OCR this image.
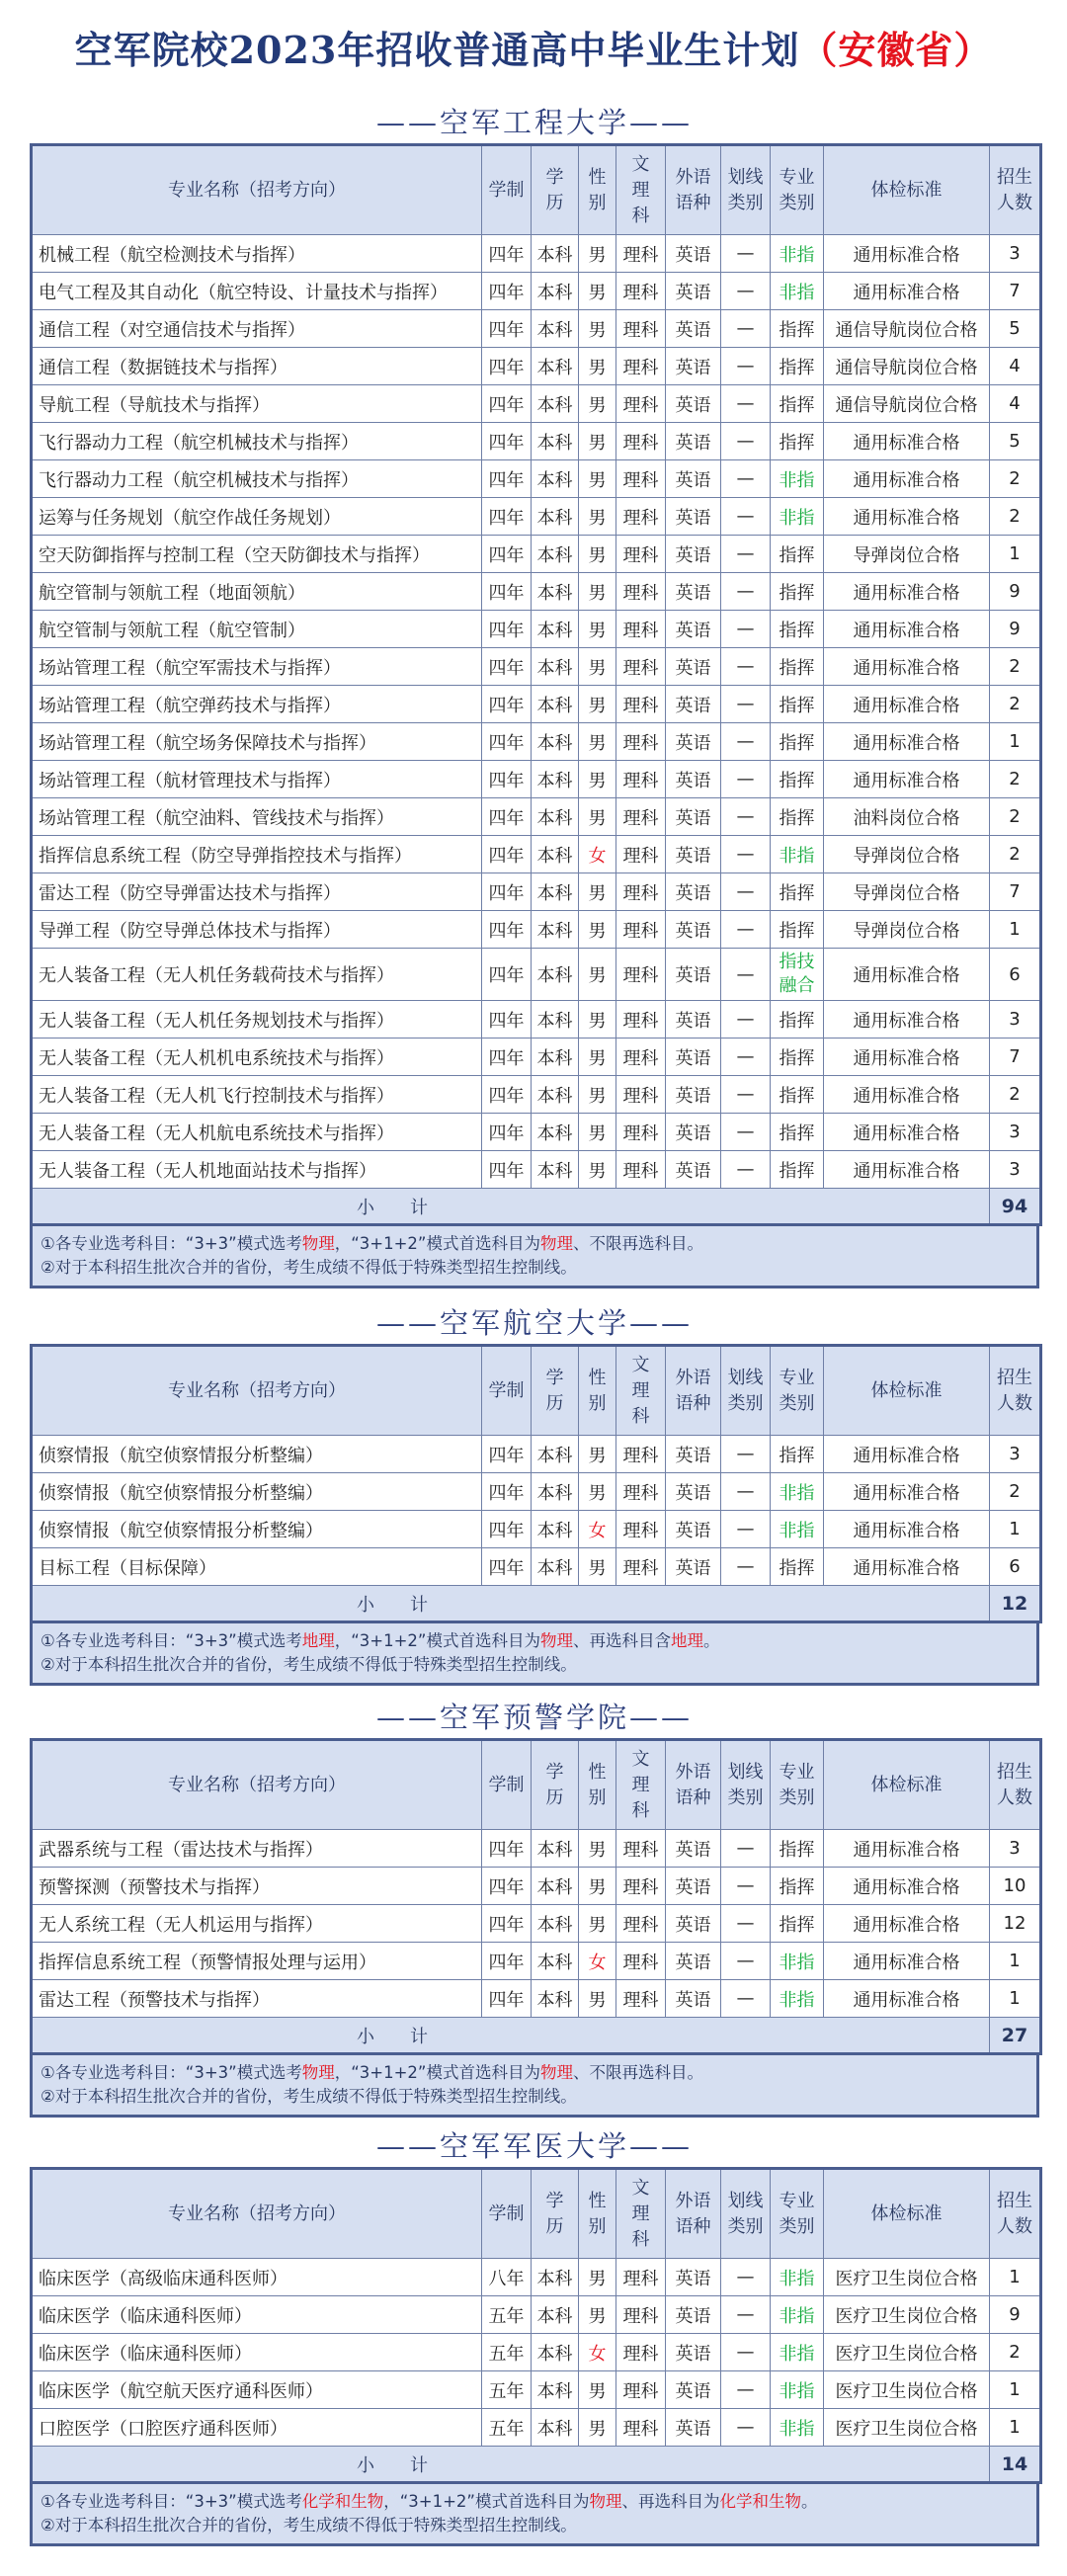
空军院校2023年招收普通高中毕业生计划（安徽省）
——空军工程大学——
专业名称（招考方向）	学制	学历	性别	文理科	外语语种	划线类别	专业类别	体检标准	招生人数
机械工程（航空检测技术与指挥）	四年	本科	男	理科	英语	—	非指	通用标准合格	3
电气工程及其自动化（航空特设、计量技术与指挥）	四年	本科	男	理科	英语	—	非指	通用标准合格	7
通信工程（对空通信技术与指挥）	四年	本科	男	理科	英语	—	指挥	通信导航岗位合格	5
通信工程（数据链技术与指挥）	四年	本科	男	理科	英语	—	指挥	通信导航岗位合格	4
导航工程（导航技术与指挥）	四年	本科	男	理科	英语	—	指挥	通信导航岗位合格	4
飞行器动力工程（航空机械技术与指挥）	四年	本科	男	理科	英语	—	指挥	通用标准合格	5
飞行器动力工程（航空机械技术与指挥）	四年	本科	男	理科	英语	—	非指	通用标准合格	2
运筹与任务规划（航空作战任务规划）	四年	本科	男	理科	英语	—	非指	通用标准合格	2
空天防御指挥与控制工程（空天防御技术与指挥）	四年	本科	男	理科	英语	—	指挥	导弹岗位合格	1
航空管制与领航工程（地面领航）	四年	本科	男	理科	英语	—	指挥	通用标准合格	9
航空管制与领航工程（航空管制）	四年	本科	男	理科	英语	—	指挥	通用标准合格	9
场站管理工程（航空军需技术与指挥）	四年	本科	男	理科	英语	—	指挥	通用标准合格	2
场站管理工程（航空弹药技术与指挥）	四年	本科	男	理科	英语	—	指挥	通用标准合格	2
场站管理工程（航空场务保障技术与指挥）	四年	本科	男	理科	英语	—	指挥	通用标准合格	1
场站管理工程（航材管理技术与指挥）	四年	本科	男	理科	英语	—	指挥	通用标准合格	2
场站管理工程（航空油料、管线技术与指挥）	四年	本科	男	理科	英语	—	指挥	油料岗位合格	2
指挥信息系统工程（防空导弹指控技术与指挥）	四年	本科	女	理科	英语	—	非指	导弹岗位合格	2
雷达工程（防空导弹雷达技术与指挥）	四年	本科	男	理科	英语	—	指挥	导弹岗位合格	7
导弹工程（防空导弹总体技术与指挥）	四年	本科	男	理科	英语	—	指挥	导弹岗位合格	1
无人装备工程（无人机任务载荷技术与指挥）	四年	本科	男	理科	英语	—	指技融合	通用标准合格	6
无人装备工程（无人机任务规划技术与指挥）	四年	本科	男	理科	英语	—	指挥	通用标准合格	3
无人装备工程（无人机机电系统技术与指挥）	四年	本科	男	理科	英语	—	指挥	通用标准合格	7
无人装备工程（无人机飞行控制技术与指挥）	四年	本科	男	理科	英语	—	指挥	通用标准合格	2
无人装备工程（无人机航电系统技术与指挥）	四年	本科	男	理科	英语	—	指挥	通用标准合格	3
无人装备工程（无人机地面站技术与指挥）	四年	本科	男	理科	英语	—	指挥	通用标准合格	3
小　　计									94
①各专业选考科目：“3+3”模式选考物理，“3+1+2”模式首选科目为物理、不限再选科目。
②对于本科招生批次合并的省份，考生成绩不得低于特殊类型招生控制线。
——空军航空大学——
专业名称（招考方向）	学制	学历	性别	文理科	外语语种	划线类别	专业类别	体检标准	招生人数
侦察情报（航空侦察情报分析整编）	四年	本科	男	理科	英语	—	指挥	通用标准合格	3
侦察情报（航空侦察情报分析整编）	四年	本科	男	理科	英语	—	非指	通用标准合格	2
侦察情报（航空侦察情报分析整编）	四年	本科	女	理科	英语	—	非指	通用标准合格	1
目标工程（目标保障）	四年	本科	男	理科	英语	—	指挥	通用标准合格	6
小　　计									12
①各专业选考科目：“3+3”模式选考地理，“3+1+2”模式首选科目为物理、再选科目含地理。
②对于本科招生批次合并的省份，考生成绩不得低于特殊类型招生控制线。
——空军预警学院——
专业名称（招考方向）	学制	学历	性别	文理科	外语语种	划线类别	专业类别	体检标准	招生人数
武器系统与工程（雷达技术与指挥）	四年	本科	男	理科	英语	—	指挥	通用标准合格	3
预警探测（预警技术与指挥）	四年	本科	男	理科	英语	—	指挥	通用标准合格	10
无人系统工程（无人机运用与指挥）	四年	本科	男	理科	英语	—	指挥	通用标准合格	12
指挥信息系统工程（预警情报处理与运用）	四年	本科	女	理科	英语	—	非指	通用标准合格	1
雷达工程（预警技术与指挥）	四年	本科	男	理科	英语	—	非指	通用标准合格	1
小　　计									27
①各专业选考科目：“3+3”模式选考物理，“3+1+2”模式首选科目为物理、不限再选科目。
②对于本科招生批次合并的省份，考生成绩不得低于特殊类型招生控制线。
——空军军医大学——
专业名称（招考方向）	学制	学历	性别	文理科	外语语种	划线类别	专业类别	体检标准	招生人数
临床医学（高级临床通科医师）	八年	本科	男	理科	英语	—	非指	医疗卫生岗位合格	1
临床医学（临床通科医师）	五年	本科	男	理科	英语	—	非指	医疗卫生岗位合格	9
临床医学（临床通科医师）	五年	本科	女	理科	英语	—	非指	医疗卫生岗位合格	2
临床医学（航空航天医疗通科医师）	五年	本科	男	理科	英语	—	非指	医疗卫生岗位合格	1
口腔医学（口腔医疗通科医师）	五年	本科	男	理科	英语	—	非指	医疗卫生岗位合格	1
小　　计									14
①各专业选考科目：“3+3”模式选考化学和生物，“3+1+2”模式首选科目为物理、再选科目为化学和生物。
②对于本科招生批次合并的省份，考生成绩不得低于特殊类型招生控制线。
